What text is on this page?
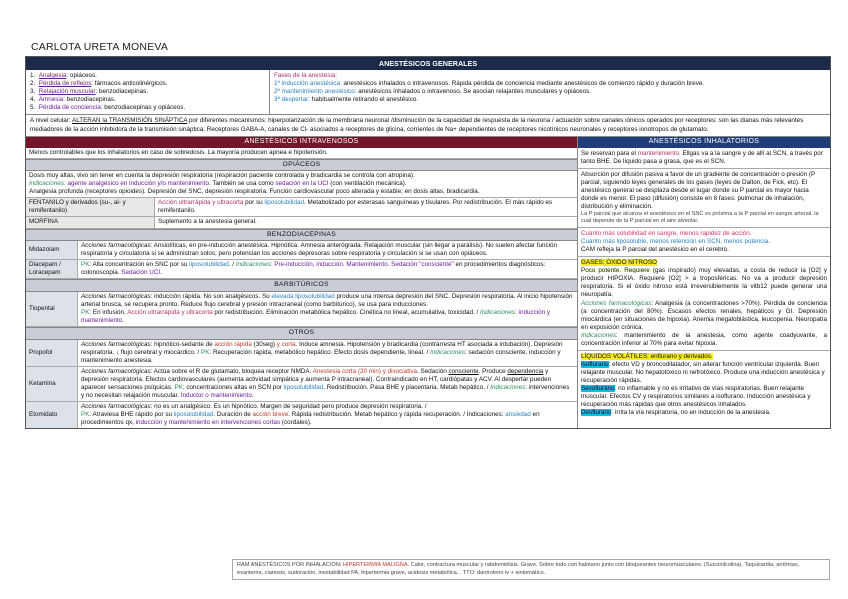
CARLOTA URETA MONEVA
ANESTÉSICOS GENERALES
1. Analgesia: opiáceos.
2. Pérdida de reflejos: fármacos anticolinérgicos.
3. Relajación muscular: benzodiacepinas.
4. Amnesia: benzodiacepinas.
5. Pérdida de conciencia: benzodiacepinas y opiáceos.
Fases de la anestesia:
1ª inducción anestésica: anestésicos inhalados o intravenosos. Rápida pérdida de conciencia mediante anestésicos de comienzo rápido y duración breve.
2ª mantenimiento anestésico: anestésicos inhalados o intravenoso. Se asocian relajantes musculares y opiáceos.
3ª despertar: habitualmente retirando el anestésico.
A nivel celular: ALTERAN la TRANSMISIÓN SINÁPTICA por diferentes mecanismos: hiperpolarización de la membrana neuronal /disminución de la capacidad de respuesta de la neurona / actuación sobre canales iónicos operados por receptores: son las dianas más relevantes mediadores de la acción inhibidora de la transmisión sináptica: Receptores GABA-A, canales de Cl- asociados a receptores de glicina, corrientes de Na+ dependientes de receptores nicotínicos neuronales y receptores ionotropos de glutamato.
ANESTÉSICOS INTRAVENOSOS
Menos controlables que los inhalatorios en caso de sobredosis. La mayoría producen apnea e hipotensión.
OPIÁCEOS
Dosis muy altas, vivo sin tener en cuenta la depresión respiratoria (respiración paciente controlada y bradicardia se controla con atropina).
Indicaciones: agente analgésico en inducción y/o mantenimiento. También se usa como sedación en la UCI (con ventilación mecánica).
Analgesia profunda (receptores opioides). Depresión del SNC, depresión respiratoria. Función cardiovascular poco alterada y estable; en dosis altas, bradicardia.
FENTANILO y derivados (su-, al- y remifentanilo)
Acción ultrarrápida y ultracorta por su liposolubilidad. Metabolizado por esterasas sanguíneas y tisulares. Por redistribución. El más rápido es remifentanilo.
MORFINA	Suplemento a la anestesia general.
BENZODIACEPINAS
Midazolam
Acciones farmacológicas: Ansiolíticas, en pre-inducción anestésica. Hipnótica. Amnesia anterógrada. Relajación muscular (sin llegar a parálisis). No suelen afectar función respiratoria y circulatoria si se administran solos; pero potencian los acciones depresoras sobre respiratoria y circulación si se usan con opiáceos.
Diacepam / Loracepam
PK: Alta concentración en SNC por su liposolubilidad. / Indicaciones: Pre-inducción, inducción. Mantenimiento. Sedación "consciente" en procedimientos diagnósticos: colonoscopia. Sedación UCI.
BARBITÚRICOS
Tiopental
Acciones farmacológicas: inducción rápida. No son analgésicos. Su elevada liposolubilidad produce una intensa depresión del SNC. Depresión respiratoria. Al inicio hipotensión arterial brusca, se recupera pronto. Reduce flujo cerebral y presión intracraneal (como barbitúrico), se usa para inducciones.
PK: En infusión. Acción ultrarrápida y ultracorta por redistribución. Eliminación metabólica hepático. Cinética no lineal, acumulativa, toxicidad. / Indicaciones: inducción y mantenimiento.
OTROS
Propofol
Acciones farmacológicas: hipnótico-sedante de acción rápida (30seg) y corta. Induce amnesia. Hipotensión y bradicardia (contrarresta HT asociada a intubación). Depresión respiratoria. ↓ flujo cerebral y miocárdico. / PK: Recuperación rápida, metabólico hepático. Efecto dosis dependiente, lineal. / Indicaciones: sedación consciente, inducción y mantenimiento anestesia.
Ketamina
Acciones farmacológicas: Actúa sobre el R de glutamato, bloquea receptor NMDA. Anestesia corta (20 min) y disociativa. Sedación consciente. Produce dependencia y depresión respiratoria. Efectos cardiovasculares (aumenta actividad simpática y aumenta P intracraneal). Contraindicado en HT, cardiópatas y ACV. Al despertar pueden aparecer sensaciones psíquicas. PK: concentraciones altas en SCN por liposolubilidad. Redistribución. Pasa BHE y placentaria. Metab hepático. / Indicaciones: intervenciones y no necesitan relajación muscular. Inductor o mantenimiento.
Etomidato
Acciones farmacológicas: no es un analgésico. Es un hipnótico. Margen de seguridad pero produce depresión respiratoria. /
PK: Atraviesa BHE rápido por su liposolubilidad. Duración de acción breve. Rápida redistribución. Metab hepático y rápida recuperación. / Indicaciones: ansiedad en procedimientos qx, inducción y mantenimiento en intervenciones cortas (cordales).
ANESTÉSICOS INHALATORIOS
Se reservan para el mantenimiento. Ellgas va a la sangre y de allí al SCN, a través por tanto BHE. De líquido pasa a grasa, que es el SCN.
Absorción por difusión pasiva a favor de un gradiente de concentración o presión (P parcial, siguiendo leyes generales de los gases (leyes de Dalton, de Fick, etc). El anestésico general se desplaza desde el lugar donde su P parcial es mayor hacia donde es menor. El paso (difusión) consiste en 8 fases: pulmonar de inhalación, distribución y eliminación.
La P parcial que alcanza el anestésico en el SNC es próxima a la P parcial en sangre arterial, la cual depende de la P parcial en el aire alveolar.
Cuanto más solubilidad en sangre, menos rapidez de acción.
Cuanto más liposoluble, menos retención en SCN, menos potencia.
CAM refleja la P parcial del anestésico en el cerebro.
GASES: ÓXIDO NITROSO
Poco potente. Requiere (gas inspirado) muy elevadas, a costa de reducir la [O2] y producir HIPOXIA. Requiere [O2] > a troposféricas. No va a producir depresión respiratoria. Si el óxido nitroso está irreversiblemente la vitb12 puede generar una neuropatía.
Acciones farmacológicas: Analgesia (a concentraciones >70%). Pérdida de conciencia (a concentración del 80%). Escasos efectos renales, hepáticos y GI. Depresión miocárdica (en situaciones de hipoxia). Anemia megaloblástica, leucopenia. Neuropatía en exposición crónica.
Indicaciones: mantenimiento de la anestesia, como agente coadyuvante, a concentración inferior al 70% para evitar hipoxia.
LÍQUIDOS VOLÁTILES: enflurano y derivados.
Isoflurano: efecto VD y broncodilatador, sin alterar función ventricular izquierda. Buen relajante muscular. No hepatotóxico ni nefrotóxico. Produce una inducción anestésica y recuperación rápidas.
Sevoflurano: no inflamable y no es irritativo de vías respiratorias. Buen relajante muscular. Efectos CV y respiratorios similares a isoflurano. Inducción anestésica y recuperación más rápidas que otros anestésicos inhalados.
Desflurano: irrita la vía respiratoria, no en inducción de la anestesia.
RAM ANESTÉSICOS POR INHALACIÓN: HIPERTERMIA MALIGNA. Calor, contractura muscular y rabdomiólisis. Grave. Sobre todo con halotano junto con bloqueantes neuromusculares. (Succinilcolina). Taquicardia, arritmias, exantema, cianosis, sudoración, inestabilidad PA, hipertermia grave, acidosis metabólica... TTO: dantroleno iv + sintomático.
